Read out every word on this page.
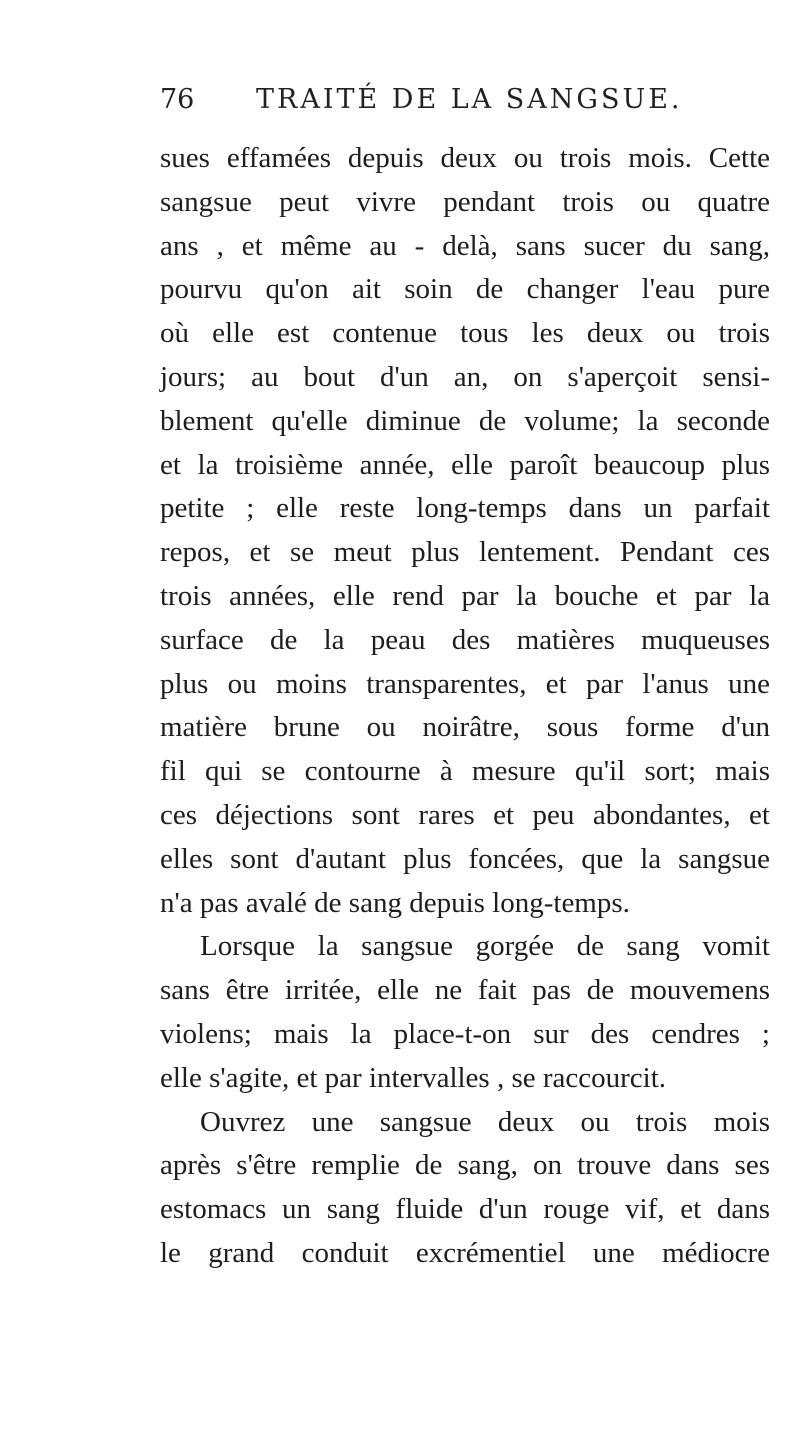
76 TRAITÉ DE LA SANGSUE.
sues effamées depuis deux ou trois mois. Cette
sangsue peut vivre pendant trois ou quatre
ans , et même au - delà, sans sucer du sang,
pourvu qu'on ait soin de changer l'eau pure
où elle est contenue tous les deux ou trois
jours; au bout d'un an, on s'aperçoit sensi-
blement qu'elle diminue de volume; la seconde
et la troisième année, elle paroît beaucoup plus
petite ; elle reste long-temps dans un parfait
repos, et se meut plus lentement. Pendant ces
trois années, elle rend par la bouche et par la
surface de la peau des matières muqueuses
plus ou moins transparentes, et par l'anus une
matière brune ou noirâtre, sous forme d'un
fil qui se contourne à mesure qu'il sort; mais
ces déjections sont rares et peu abondantes, et
elles sont d'autant plus foncées, que la sangsue
n'a pas avalé de sang depuis long-temps.
Lorsque la sangsue gorgée de sang vomit
sans être irritée, elle ne fait pas de mouvemens
violens; mais la place-t-on sur des cendres ;
elle s'agite, et par intervalles , se raccourcit.
Ouvrez une sangsue deux ou trois mois
après s'être remplie de sang, on trouve dans ses
estomacs un sang fluide d'un rouge vif, et dans
le grand conduit excrémentiel une médiocre
